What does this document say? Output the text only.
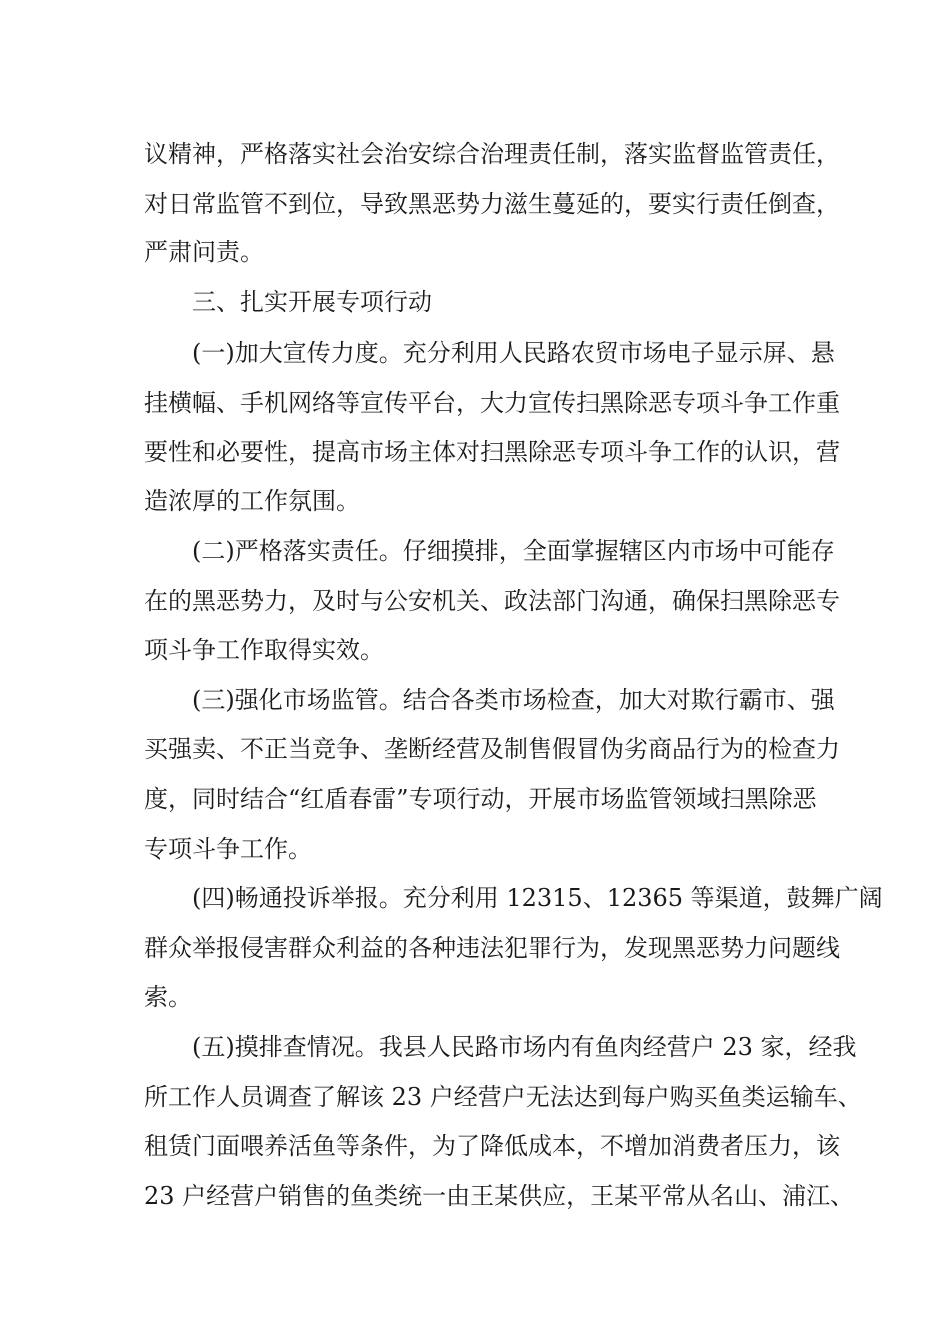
议精神，严格落实社会治安综合治理责任制，落实监督监管责任，
对日常监管不到位，导致黑恶势力滋生蔓延的，要实行责任倒查，
严肃问责。
三、扎实开展专项行动
(一)加大宣传力度。充分利用人民路农贸市场电子显示屏、悬
挂横幅、手机网络等宣传平台，大力宣传扫黑除恶专项斗争工作重
要性和必要性，提高市场主体对扫黑除恶专项斗争工作的认识，营
造浓厚的工作氛围。
(二)严格落实责任。仔细摸排，全面掌握辖区内市场中可能存
在的黑恶势力，及时与公安机关、政法部门沟通，确保扫黑除恶专
项斗争工作取得实效。
(三)强化市场监管。结合各类市场检查，加大对欺行霸市、强
买强卖、不正当竞争、垄断经营及制售假冒伪劣商品行为的检查力
度，同时结合“红盾春雷”专项行动，开展市场监管领域扫黑除恶
专项斗争工作。
(四)畅通投诉举报。充分利用 12315、12365 等渠道，鼓舞广阔
群众举报侵害群众利益的各种违法犯罪行为，发现黑恶势力问题线
索。
(五)摸排查情况。我县人民路市场内有鱼肉经营户 23 家，经我
所工作人员调查了解该 23 户经营户无法达到每户购买鱼类运输车、
租赁门面喂养活鱼等条件，为了降低成本，不增加消费者压力，该
23 户经营户销售的鱼类统一由王某供应，王某平常从名山、浦江、
